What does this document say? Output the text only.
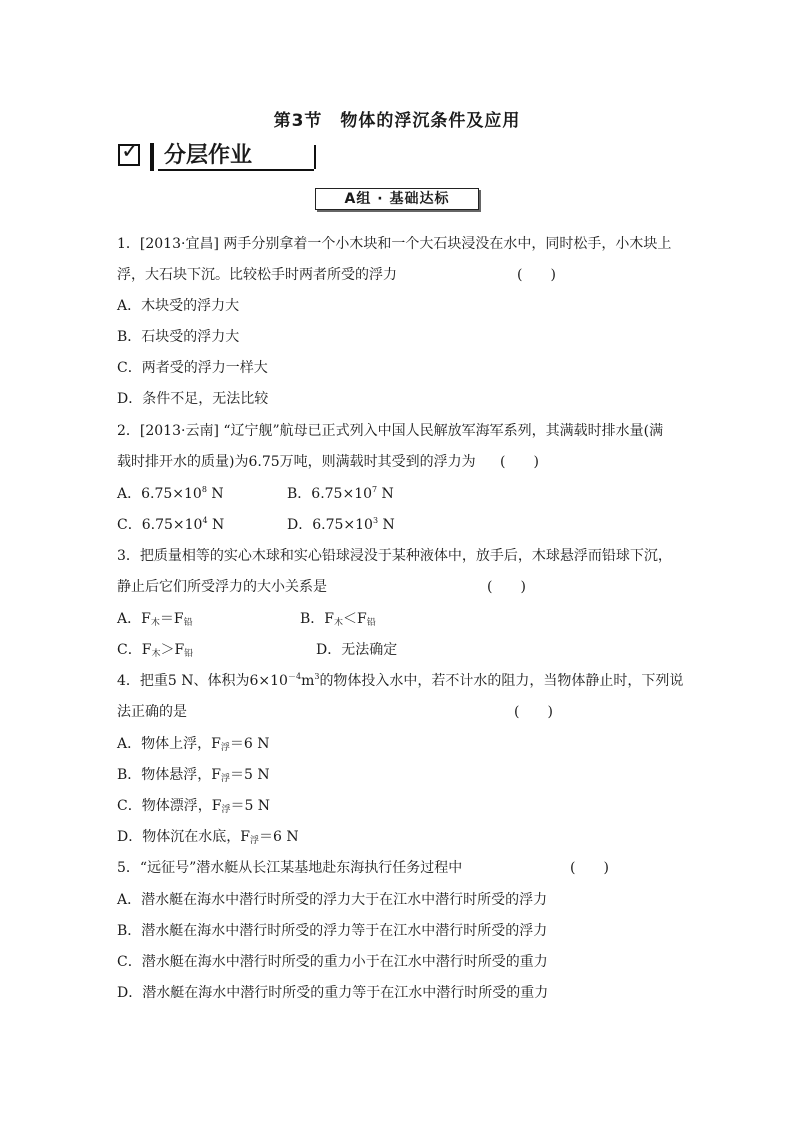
第3节　物体的浮沉条件及应用
✓ 分层作业
A组 · 基础达标
1．[2013·宜昌] 两手分别拿着一个小木块和一个大石块浸没在水中，同时松手，小木块上
浮，大石块下沉。比较松手时两者所受的浮力	(　　)
A．木块受的浮力大
B．石块受的浮力大
C．两者受的浮力一样大
D．条件不足，无法比较
2．[2013·云南] “辽宁舰”航母已正式列入中国人民解放军海军系列，其满载时排水量(满
载时排开水的质量)为6.75万吨，则满载时其受到的浮力为 (　　)
A．$6.75\times 10^8$ N	B．$6.75\times 10^7$ N
C．$6.75\times 10^4$ N	D．$6.75\times 10^3$ N
3．把质量相等的实心木球和实心铅球浸没于某种液体中，放手后，木球悬浮而铅球下沉，
静止后它们所受浮力的大小关系是	(　　)
A．$F_木=F_铅$	B．$F_木<F_铅$
C．$F_木>F_铅$	D．无法确定
4．把重5 N、体积为$6\times 10^{-4}m^3$的物体投入水中，若不计水的阻力，当物体静止时，下列说
法正确的是	(　　)
A．物体上浮，$F_浮=6$ N
B．物体悬浮，$F_浮=5$ N
C．物体漂浮，$F_浮=5$ N
D．物体沉在水底，$F_浮=6$ N
5．“远征号”潜水艇从长江某基地赴东海执行任务过程中	(　　)
A．潜水艇在海水中潜行时所受的浮力大于在江水中潜行时所受的浮力
B．潜水艇在海水中潜行时所受的浮力等于在江水中潜行时所受的浮力
C．潜水艇在海水中潜行时所受的重力小于在江水中潜行时所受的重力
D．潜水艇在海水中潜行时所受的重力等于在江水中潜行时所受的重力
